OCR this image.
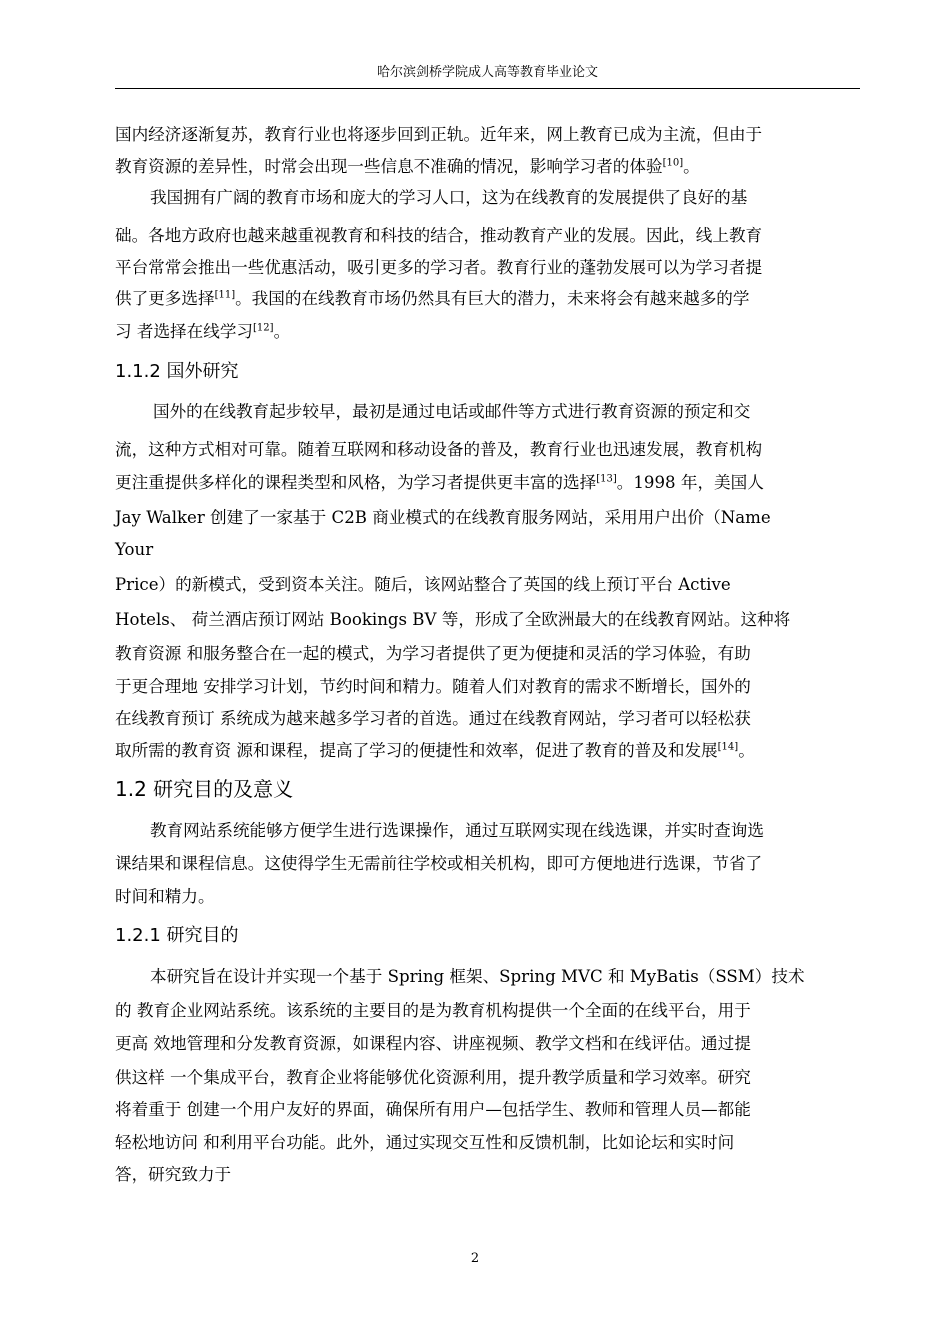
哈尔滨剑桥学院成人高等教育毕业论文
国内经济逐渐复苏，教育行业也将逐步回到正轨。近年来，网上教育已成为主流，但由于
教育资源的差异性，时常会出现一些信息不准确的情况，影响学习者的体验[10]。
我国拥有广阔的教育市场和庞大的学习人口，这为在线教育的发展提供了良好的基
础。各地方政府也越来越重视教育和科技的结合，推动教育产业的发展。因此，线上教育
平台常常会推出一些优惠活动，吸引更多的学习者。教育行业的蓬勃发展可以为学习者提
供了更多选择[11]。我国的在线教育市场仍然具有巨大的潜力，未来将会有越来越多的学
习 者选择在线学习[12]。
1.1.2 国外研究
国外的在线教育起步较早，最初是通过电话或邮件等方式进行教育资源的预定和交
流，这种方式相对可靠。随着互联网和移动设备的普及，教育行业也迅速发展，教育机构
更注重提供多样化的课程类型和风格，为学习者提供更丰富的选择[13]。1998 年，美国人
Jay Walker 创建了一家基于 C2B 商业模式的在线教育服务网站，采用用户出价（Name
Your
Price）的新模式，受到资本关注。随后，该网站整合了英国的线上预订平台 Active
Hotels、 荷兰酒店预订网站 Bookings BV 等，形成了全欧洲最大的在线教育网站。这种将
教育资源 和服务整合在一起的模式，为学习者提供了更为便捷和灵活的学习体验，有助
于更合理地 安排学习计划，节约时间和精力。随着人们对教育的需求不断增长，国外的
在线教育预订 系统成为越来越多学习者的首选。通过在线教育网站，学习者可以轻松获
取所需的教育资 源和课程，提高了学习的便捷性和效率，促进了教育的普及和发展[14]。
1.2 研究目的及意义
教育网站系统能够方便学生进行选课操作，通过互联网实现在线选课，并实时查询选
课结果和课程信息。这使得学生无需前往学校或相关机构，即可方便地进行选课，节省了
时间和精力。
1.2.1 研究目的
本研究旨在设计并实现一个基于 Spring 框架、Spring MVC 和 MyBatis（SSM）技术
的 教育企业网站系统。该系统的主要目的是为教育机构提供一个全面的在线平台，用于
更高 效地管理和分发教育资源，如课程内容、讲座视频、教学文档和在线评估。通过提
供这样 一个集成平台，教育企业将能够优化资源利用，提升教学质量和学习效率。研究
将着重于 创建一个用户友好的界面，确保所有用户—包括学生、教师和管理人员—都能
轻松地访问 和利用平台功能。此外，通过实现交互性和反馈机制，比如论坛和实时问
答，研究致力于
2
